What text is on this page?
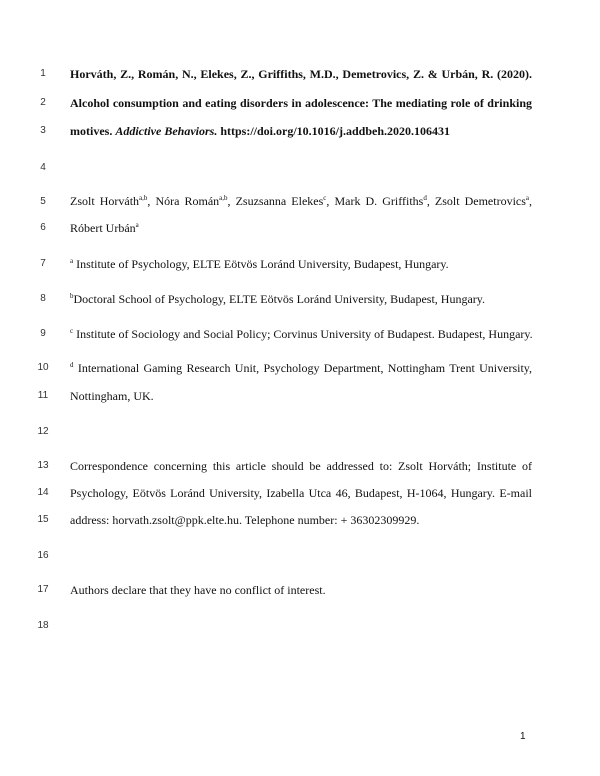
1
2
3
4
5
6
7
8
9
10
11
12
13
14
15
16
17
18
Horváth, Z., Román, N., Elekes, Z., Griffiths, M.D., Demetrovics, Z. & Urbán, R. (2020).
Alcohol consumption and eating disorders in adolescence: The mediating role of drinking
motives. Addictive Behaviors. https://doi.org/10.1016/j.addbeh.2020.106431
Zsolt Horváth$^{a,b}$, Nóra Román$^{a,b}$, Zsuzsanna Elekes$^c$, Mark D. Griffiths$^d$, Zsolt Demetrovics$^a$,
Róbert Urbán$^a$
$^a$ Institute of Psychology, ELTE Eötvös Loránd University, Budapest, Hungary.
$^b$Doctoral School of Psychology, ELTE Eötvös Loránd University, Budapest, Hungary.
$^c$ Institute of Sociology and Social Policy; Corvinus University of Budapest. Budapest, Hungary.
$^d$ International Gaming Research Unit, Psychology Department, Nottingham Trent University,
Nottingham, UK.
Correspondence concerning this article should be addressed to: Zsolt Horváth; Institute of
Psychology, Eötvös Loránd University, Izabella Utca 46, Budapest, H-1064, Hungary. E-mail
address: horvath.zsolt@ppk.elte.hu. Telephone number: + 36302309929.
Authors declare that they have no conflict of interest.
1
